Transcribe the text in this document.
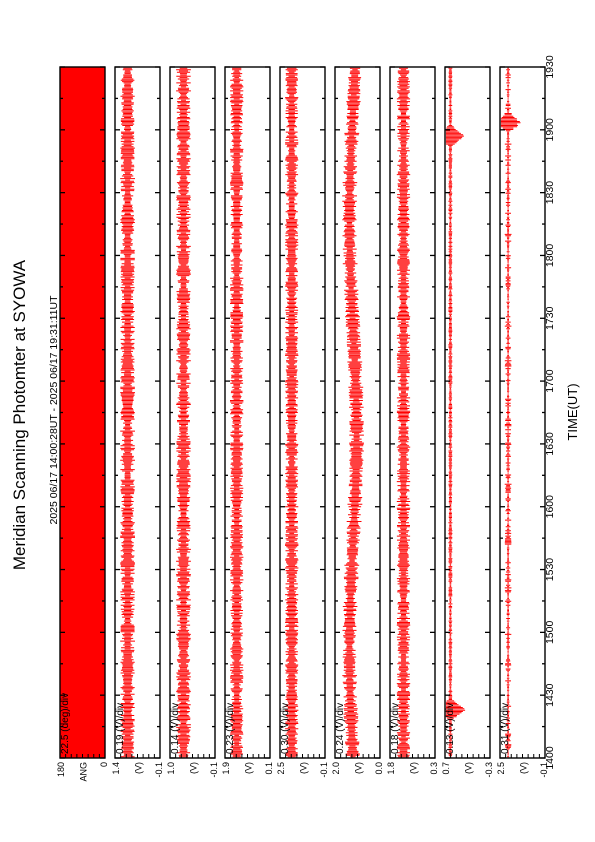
Meridian Scanning Photomter at SYOWA 2025 06/17 14:00:28UT - 2025 06/17 19:31:11UT	TIME(UT)
1400
1430
1500
1530
1600
1630
1700
1730
1800
1830
1900
1930
22.5 (deg)/div
180 ANG 0
0.19 (V)/div
1.4 (V) -0.1
0.14 (V)/div
1.0 (V) -0.1
0.23 (V)/div
1.9 (V) 0.1
0.30 (V)/div
2.5 (V) -0.1
0.24 (V)/div
2.0 (V) 0.0
0.18 (V)/div
1.8 (V) 0.3
0.13 (V)/div
0.7 (V) -0.3
0.31 (V)/div
2.5 (V) -0.1
